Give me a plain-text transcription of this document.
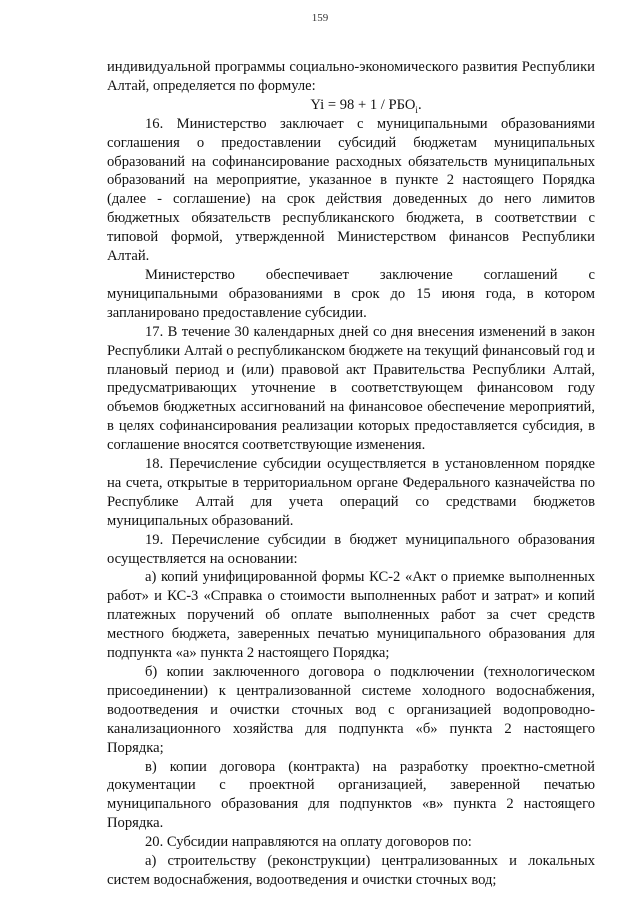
159

индивидуальной программы социально-экономического развития Республики Алтай, определяется по формуле:

$Yi = 98 + 1 / РБО_i$.

16. Министерство заключает с муниципальными образованиями соглашения о предоставлении субсидий бюджетам муниципальных образований на софинансирование расходных обязательств муниципальных образований на мероприятие, указанное в пункте 2 настоящего Порядка (далее - соглашение) на срок действия доведенных до него лимитов бюджетных обязательств республиканского бюджета, в соответствии с типовой формой, утвержденной Министерством финансов Республики Алтай.

Министерство обеспечивает заключение соглашений с муниципальными образованиями в срок до 15 июня года, в котором запланировано предоставление субсидии.

17. В течение 30 календарных дней со дня внесения изменений в закон Республики Алтай о республиканском бюджете на текущий финансовый год и плановый период и (или) правовой акт Правительства Республики Алтай, предусматривающих уточнение в соответствующем финансовом году объемов бюджетных ассигнований на финансовое обеспечение мероприятий, в целях софинансирования реализации которых предоставляется субсидия, в соглашение вносятся соответствующие изменения.

18. Перечисление субсидии осуществляется в установленном порядке на счета, открытые в территориальном органе Федерального казначейства по Республике Алтай для учета операций со средствами бюджетов муниципальных образований.

19. Перечисление субсидии в бюджет муниципального образования осуществляется на основании:

а) копий унифицированной формы КС-2 «Акт о приемке выполненных работ» и КС-3 «Справка о стоимости выполненных работ и затрат» и копий платежных поручений об оплате выполненных работ за счет средств местного бюджета, заверенных печатью муниципального образования для подпункта «а» пункта 2 настоящего Порядка;

б) копии заключенного договора о подключении (технологическом присоединении) к централизованной системе холодного водоснабжения, водоотведения и очистки сточных вод с организацией водопроводно-канализационного хозяйства для подпункта «б» пункта 2 настоящего Порядка;

в) копии договора (контракта) на разработку проектно-сметной документации с проектной организацией, заверенной печатью муниципального образования для подпунктов «в» пункта 2 настоящего Порядка.

20. Субсидии направляются на оплату договоров по:

а) строительству (реконструкции) централизованных и локальных систем водоснабжения, водоотведения и очистки сточных вод;
